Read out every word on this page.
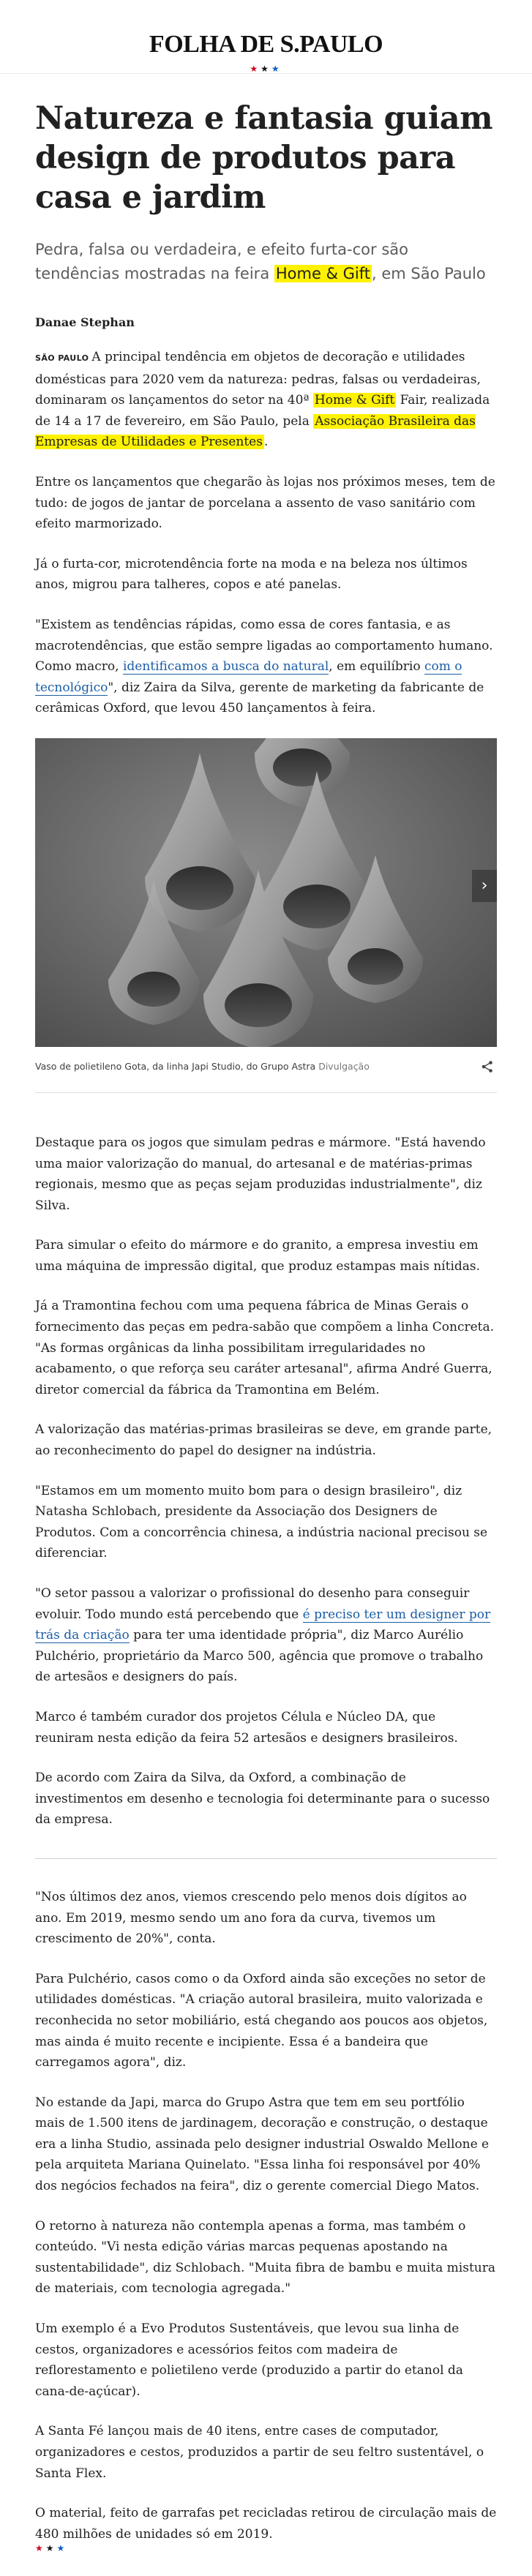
FOLHA DE S.PAULO
★★★
Natureza e fantasia guiam design de produtos para casa e jardim
Pedra, falsa ou verdadeira, e efeito furta-cor são tendências mostradas na feira Home & Gift, em São Paulo
Danae Stephan

SÃO PAULO A principal tendência em objetos de decoração e utilidades domésticas para 2020 vem da natureza: pedras, falsas ou verdadeiras, dominaram os lançamentos do setor na 40ª Home & Gift Fair, realizada de 14 a 17 de fevereiro, em São Paulo, pela Associação Brasileira das Empresas de Utilidades e Presentes .

Entre os lançamentos que chegarão às lojas nos próximos meses, tem de tudo: de jogos de jantar de porcelana a assento de vaso sanitário com efeito marmorizado.

Já o furta-cor, microtendência forte na moda e na beleza nos últimos anos, migrou para talheres, copos e até panelas.

"Existem as tendências rápidas, como essa de cores fantasia, e as macrotendências, que estão sempre ligadas ao comportamento humano. Como macro, identificamos a busca do natural, em equilíbrio com o tecnológico", diz Zaira da Silva, gerente de marketing da fabricante de cerâmicas Oxford, que levou 450 lançamentos à feira.

›
Vaso de polietileno Gota, da linha Japi Studio, do Grupo Astra Divulgação

Destaque para os jogos que simulam pedras e mármore. "Está havendo uma maior valorização do manual, do artesanal e de matérias-primas regionais, mesmo que as peças sejam produzidas industrialmente", diz Silva.

Para simular o efeito do mármore e do granito, a empresa investiu em uma máquina de impressão digital, que produz estampas mais nítidas.

Já a Tramontina fechou com uma pequena fábrica de Minas Gerais o fornecimento das peças em pedra-sabão que compõem a linha Concreta. "As formas orgânicas da linha possibilitam irregularidades no acabamento, o que reforça seu caráter artesanal", afirma André Guerra, diretor comercial da fábrica da Tramontina em Belém.

A valorização das matérias-primas brasileiras se deve, em grande parte, ao reconhecimento do papel do designer na indústria.

"Estamos em um momento muito bom para o design brasileiro", diz Natasha Schlobach, presidente da Associação dos Designers de Produtos. Com a concorrência chinesa, a indústria nacional precisou se diferenciar.

"O setor passou a valorizar o profissional do desenho para conseguir evoluir. Todo mundo está percebendo que é preciso ter um designer por trás da criação para ter uma identidade própria", diz Marco Aurélio Pulchério, proprietário da Marco 500, agência que promove o trabalho de artesãos e designers do país.

Marco é também curador dos projetos Célula e Núcleo DA, que reuniram nesta edição da feira 52 artesãos e designers brasileiros.

De acordo com Zaira da Silva, da Oxford, a combinação de investimentos em desenho e tecnologia foi determinante para o sucesso da empresa.

"Nos últimos dez anos, viemos crescendo pelo menos dois dígitos ao ano. Em 2019, mesmo sendo um ano fora da curva, tivemos um crescimento de 20%", conta.

Para Pulchério, casos como o da Oxford ainda são exceções no setor de utilidades domésticas. "A criação autoral brasileira, muito valorizada e reconhecida no setor mobiliário, está chegando aos poucos aos objetos, mas ainda é muito recente e incipiente. Essa é a bandeira que carregamos agora", diz.

No estande da Japi, marca do Grupo Astra que tem em seu portfólio mais de 1.500 itens de jardinagem, decoração e construção, o destaque era a linha Studio, assinada pelo designer industrial Oswaldo Mellone e pela arquiteta Mariana Quinelato. "Essa linha foi responsável por 40% dos negócios fechados na feira", diz o gerente comercial Diego Matos.

O retorno à natureza não contempla apenas a forma, mas também o conteúdo. "Vi nesta edição várias marcas pequenas apostando na sustentabilidade", diz Schlobach. "Muita fibra de bambu e muita mistura de materiais, com tecnologia agregada."

Um exemplo é a Evo Produtos Sustentáveis, que levou sua linha de cestos, organizadores e acessórios feitos com madeira de reflorestamento e polietileno verde (produzido a partir do etanol da cana-de-açúcar).

A Santa Fé lançou mais de 40 itens, entre cases de computador, organizadores e cestos, produzidos a partir de seu feltro sustentável, o Santa Flex.

O material, feito de garrafas pet recicladas retirou de circulação mais de 480 milhões de unidades só em 2019.

★★★
